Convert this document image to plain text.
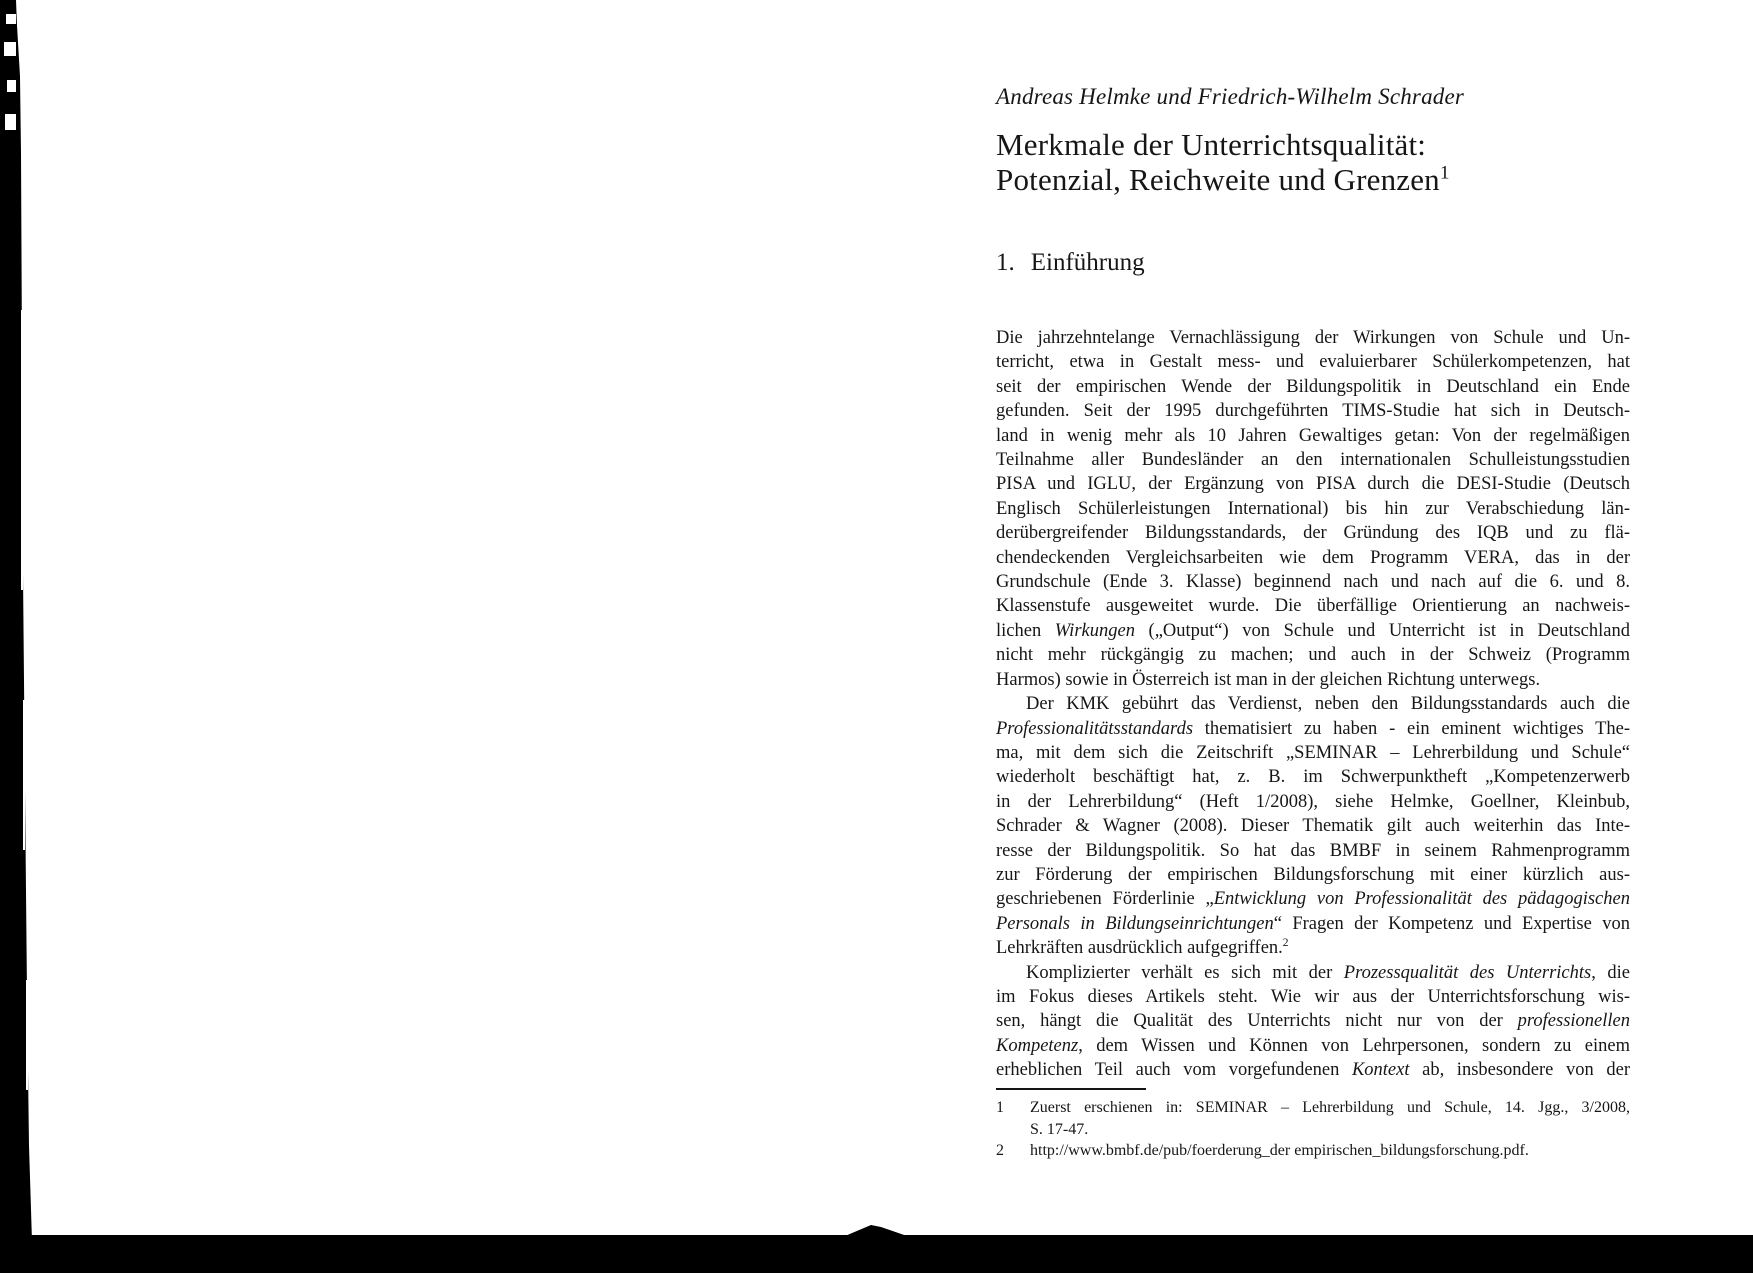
Andreas Helmke und Friedrich-Wilhelm Schrader
Merkmale der Unterrichtsqualität:
Potenzial, Reichweite und Grenzen$^1$
1. Einführung
Die jahrzehntelange Vernachlässigung der Wirkungen von Schule und Un-
terricht, etwa in Gestalt mess- und evaluierbarer Schülerkompetenzen, hat
seit der empirischen Wende der Bildungspolitik in Deutschland ein Ende
gefunden. Seit der 1995 durchgeführten TIMS-Studie hat sich in Deutsch-
land in wenig mehr als 10 Jahren Gewaltiges getan: Von der regelmäßigen
Teilnahme aller Bundesländer an den internationalen Schulleistungsstudien
PISA und IGLU, der Ergänzung von PISA durch die DESI-Studie (Deutsch
Englisch Schülerleistungen International) bis hin zur Verabschiedung län-
derübergreifender Bildungsstandards, der Gründung des IQB und zu flä-
chendeckenden Vergleichsarbeiten wie dem Programm VERA, das in der
Grundschule (Ende 3. Klasse) beginnend nach und nach auf die 6. und 8.
Klassenstufe ausgeweitet wurde. Die überfällige Orientierung an nachweis-
lichen Wirkungen („Output“) von Schule und Unterricht ist in Deutschland
nicht mehr rückgängig zu machen; und auch in der Schweiz (Programm
Harmos) sowie in Österreich ist man in der gleichen Richtung unterwegs.
Der KMK gebührt das Verdienst, neben den Bildungsstandards auch die
Professionalitätsstandards thematisiert zu haben - ein eminent wichtiges The-
ma, mit dem sich die Zeitschrift „SEMINAR – Lehrerbildung und Schule“
wiederholt beschäftigt hat, z. B. im Schwerpunktheft „Kompetenzerwerb
in der Lehrerbildung“ (Heft 1/2008), siehe Helmke, Goellner, Kleinbub,
Schrader & Wagner (2008). Dieser Thematik gilt auch weiterhin das Inte-
resse der Bildungspolitik. So hat das BMBF in seinem Rahmenprogramm
zur Förderung der empirischen Bildungsforschung mit einer kürzlich aus-
geschriebenen Förderlinie „Entwicklung von Professionalität des pädagogischen
Personals in Bildungseinrichtungen“ Fragen der Kompetenz und Expertise von
Lehrkräften ausdrücklich aufgegriffen.$^2$
Komplizierter verhält es sich mit der Prozessqualität des Unterrichts, die
im Fokus dieses Artikels steht. Wie wir aus der Unterrichtsforschung wis-
sen, hängt die Qualität des Unterrichts nicht nur von der professionellen
Kompetenz, dem Wissen und Können von Lehrpersonen, sondern zu einem
erheblichen Teil auch vom vorgefundenen Kontext ab, insbesondere von der
1	Zuerst erschienen in: SEMINAR – Lehrerbildung und Schule, 14. Jgg., 3/2008,
S. 17-47.
2	http://www.bmbf.de/pub/foerderung_der empirischen_bildungsforschung.pdf.
